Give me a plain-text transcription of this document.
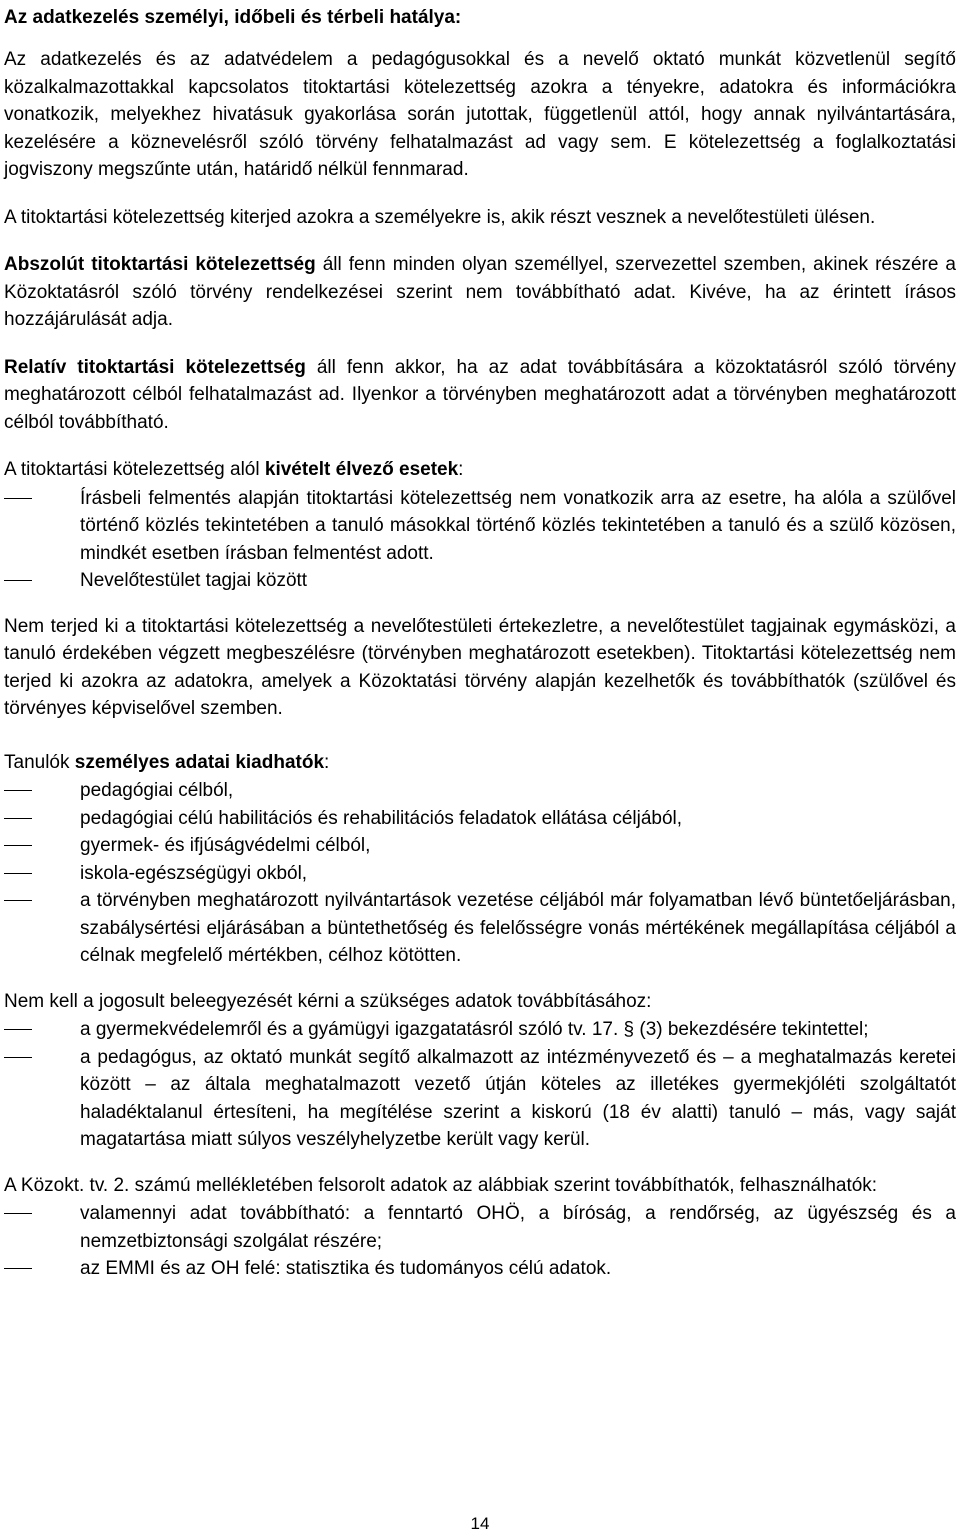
Az adatkezelés személyi, időbeli és térbeli hatálya:

Az adatkezelés és az adatvédelem a pedagógusokkal és a nevelő oktató munkát közvetlenül segítő közalkalmazottakkal kapcsolatos titoktartási kötelezettség azokra a tényekre, adatokra és információkra vonatkozik, melyekhez hivatásuk gyakorlása során jutottak, függetlenül attól, hogy annak nyilvántartására, kezelésére a köznevelésről szóló törvény felhatalmazást ad vagy sem. E kötelezettség a foglalkoztatási jogviszony megszűnte után, határidő nélkül fennmarad.

A titoktartási kötelezettség kiterjed azokra a személyekre is, akik részt vesznek a nevelőtestületi ülésen.

Abszolút titoktartási kötelezettség áll fenn minden olyan személlyel, szervezettel szemben, akinek részére a Közoktatásról szóló törvény rendelkezései szerint nem továbbítható adat. Kivéve, ha az érintett írásos hozzájárulását adja.

Relatív titoktartási kötelezettség áll fenn akkor, ha az adat továbbítására a közoktatásról szóló törvény meghatározott célból felhatalmazást ad. Ilyenkor a törvényben meghatározott adat a törvényben meghatározott célból továbbítható.

A titoktartási kötelezettség alól kivételt élvező esetek:

Írásbeli felmentés alapján titoktartási kötelezettség nem vonatkozik arra az esetre, ha alóla a szülővel történő közlés tekintetében a tanuló másokkal történő közlés tekintetében a tanuló és a szülő közösen, mindkét esetben írásban felmentést adott.
Nevelőtestület tagjai között

Nem terjed ki a titoktartási kötelezettség a nevelőtestületi értekezletre, a nevelőtestület tagjainak egymásközi, a tanuló érdekében végzett megbeszélésre (törvényben meghatározott esetekben). Titoktartási kötelezettség nem terjed ki azokra az adatokra, amelyek a Közoktatási törvény alapján kezelhetők és továbbíthatók (szülővel és törvényes képviselővel szemben.

Tanulók személyes adatai kiadhatók:

pedagógiai célból,
pedagógiai célú habilitációs és rehabilitációs feladatok ellátása céljából,
gyermek- és ifjúságvédelmi célból,
iskola-egészségügyi okból,
a törvényben meghatározott nyilvántartások vezetése céljából már folyamatban lévő büntetőeljárásban, szabálysértési eljárásában a büntethetőség és felelősségre vonás mértékének megállapítása céljából a célnak megfelelő mértékben, célhoz kötötten.

Nem kell a jogosult beleegyezését kérni a szükséges adatok továbbításához:

a gyermekvédelemről és a gyámügyi igazgatatásról szóló tv. 17. § (3) bekezdésére tekintettel;
a pedagógus, az oktató munkát segítő alkalmazott az intézményvezető és – a meghatalmazás keretei között – az általa meghatalmazott vezető útján köteles az illetékes gyermekjóléti szolgáltatót haladéktalanul értesíteni, ha megítélése szerint a kiskorú (18 év alatti) tanuló – más, vagy saját magatartása miatt súlyos veszélyhelyzetbe került vagy kerül.

A Közokt. tv. 2. számú mellékletében felsorolt adatok az alábbiak szerint továbbíthatók, felhasználhatók:

valamennyi adat továbbítható: a fenntartó OHÖ, a bíróság, a rendőrség, az ügyészség és a nemzetbiztonsági szolgálat részére;
az EMMI és az OH felé: statisztika és tudományos célú adatok.
14
